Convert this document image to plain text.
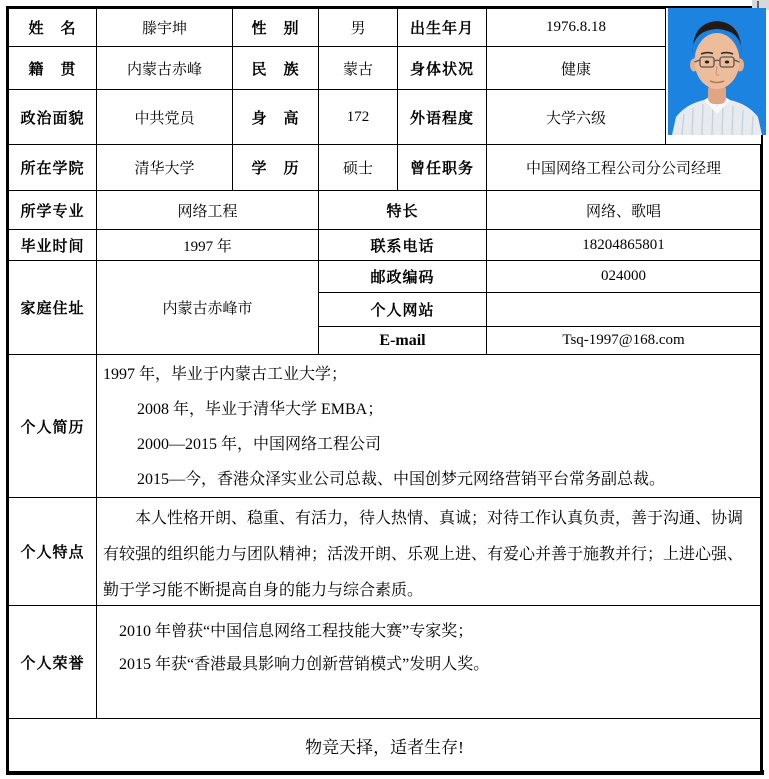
姓　名	滕宇坤	性　别	男	出生年月	1976.8.18
籍　贯	内蒙古赤峰	民　族	蒙古	身体状况	健康
政治面貌	中共党员	身　高	172	外语程度	大学六级
所在学院	清华大学	学　历	硕士	曾任职务	中国网络工程公司分公司经理
所学专业	网络工程	特长	网络、歌唱
毕业时间	1997 年	联系电话	18204865801
家庭住址	内蒙古赤峰市
邮政编码	024000
个人网站
E-mail	Tsq-1997@168.com
个人简历
1997 年，毕业于内蒙古工业大学；
2008 年，毕业于清华大学 EMBA；
2000—2015 年，中国网络工程公司
2015—今，香港众泽实业公司总裁、中国创梦元网络营销平台常务副总裁。
个人特点

本人性格开朗、稳重、有活力，待人热情、真诚；对待工作认真负责，善于沟通、协调有较强的组织能力与团队精神；活泼开朗、乐观上进、有爱心并善于施教并行；上进心强、勤于学习能不断提高自身的能力与综合素质。

个人荣誉
2010 年曾获“中国信息网络工程技能大赛”专家奖；
2015 年获“香港最具影响力创新营销模式”发明人奖。
物竞天择，适者生存!
